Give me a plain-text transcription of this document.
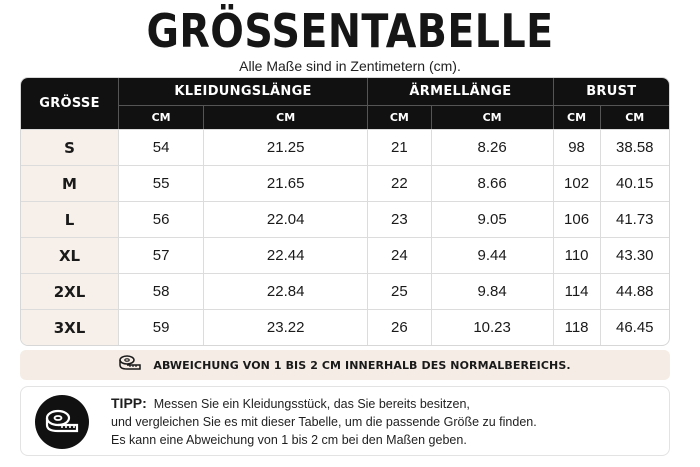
GRÖSSENTABELLE
Alle Maße sind in Zentimetern (cm).
GRÖSSE	KLEIDUNGSLÄNGE		ÄRMELLÄNGE		BRUST	
	CM	CM	CM	CM	CM	CM
S	54	21.25	21	8.26	98	38.58
M	55	21.65	22	8.66	102	40.15
L	56	22.04	23	9.05	106	41.73
XL	57	22.44	24	9.44	110	43.30
2XL	58	22.84	25	9.84	114	44.88
3XL	59	23.22	26	10.23	118	46.45
ABWEICHUNG VON 1 BIS 2 CM INNERHALB DES NORMALBEREICHS.
TIPP: Messen Sie ein Kleidungsstück, das Sie bereits besitzen,
und vergleichen Sie es mit dieser Tabelle, um die passende Größe zu finden.
Es kann eine Abweichung von 1 bis 2 cm bei den Maßen geben.
